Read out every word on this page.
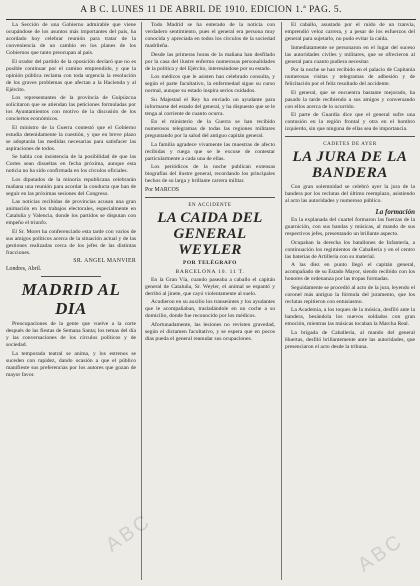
A B C. LUNES 11 DE ABRIL DE 1910. EDICION 1.ª PAG. 5.

La Sección de una Gobierno admirable que viene ocupándose de los asuntos más importantes del país, ha acordado hoy celebrar reunión para tratar de la conveniencia de un cambio en los planes de los Gobiernos que tanto preocupan al país.

El orador del partido de la oposición declaró que no es posible continuar por el camino emprendido, y que la opinión pública reclama con toda urgencia la resolución de los graves problemas que afectan a la Hacienda y al Ejército.

Los representantes de la provincia de Guipúzcoa solicitaron que se atiendan las peticiones formuladas por los Ayuntamientos con motivo de la discusión de los conciertos económicos.

El ministro de la Guerra contestó que el Gobierno estudia detenidamente la cuestión, y que en breve plazo se adoptarán las medidas necesarias para satisfacer las aspiraciones de todos.

Se habla con insistencia de la posibilidad de que las Cortes sean disueltas en fecha próxima, aunque esta noticia no ha sido confirmada en los círculos oficiales.

Los diputados de la minoría republicana celebrarán mañana una reunión para acordar la conducta que han de seguir en las próximas sesiones del Congreso.

Las noticias recibidas de provincias acusan una gran animación en los trabajos electorales, especialmente en Cataluña y Valencia, donde los partidos se disputan con empeño el triunfo.

El Sr. Moret ha conferenciado esta tarde con varios de sus amigos políticos acerca de la situación actual y de las gestiones realizadas cerca de los jefes de las distintas fracciones.

SR. ANGEL MANVIER
Londres, Abril.
MADRID AL DIA

Preocupaciones de la gente que vuelve a la corte después de las fiestas de Semana Santa; los temas del día y las conversaciones de los círculos políticos y de sociedad.

La temporada teatral se anima, y los estrenos se suceden con rapidez, dando ocasión a que el público manifieste sus preferencias por los autores que gozan de mayor favor.

Todo Madrid se ha enterado de la noticia con verdadero sentimiento, pues el general era persona muy conocida y apreciada en todos los círculos de la sociedad madrileña.

Desde las primeras horas de la mañana han desfilado por la casa del ilustre enfermo numerosas personalidades de la política y del Ejército, interesándose por su estado.

Los médicos que le asisten han celebrado consulta, y según el parte facultativo, la enfermedad sigue su curso normal, aunque su estado inspira serios cuidados.

Su Majestad el Rey ha enviado un ayudante para informarse del estado del general, y ha dispuesto que se le tenga al corriente de cuanto ocurra.

En el ministerio de la Guerra se han recibido numerosos telegramas de todas las regiones militares preguntando por la salud del antiguo capitán general.

La familia agradece vivamente las muestras de afecto recibidas y ruega que se le excuse de contestar particularmente a cada una de ellas.

Los periódicos de la noche publican extensas biografías del ilustre general, recordando los principales hechos de su larga y brillante carrera militar.

Por MARCOS
EN ACCIDENTE
LA CAIDA DEL GENERAL WEYLER
POR TELÉGRAFO
BARCELONA 10. 11 T.

En la Gran Vía, cuando paseaba a caballo el capitán general de Cataluña, Sr. Weyler, el animal se espantó y derribó al jinete, que cayó violentamente al suelo.

Acudieron en su auxilio los transeúntes y los ayudantes que le acompañaban, trasladándole en un coche a su domicilio, donde fue reconocido por los médicos.

Afortunadamente, las lesiones no revisten gravedad, según el dictamen facultativo, y se espera que en pocos días pueda el general reanudar sus ocupaciones.

El caballo, asustado por el ruido de un tranvía, emprendió veloz carrera, y a pesar de los esfuerzos del general para sujetarlo, no pudo evitar la caída.

Inmediatamente se personaron en el lugar del suceso las autoridades civiles y militares, que se ofrecieron al general para cuanto pudiera necesitar.

Por la noche se han recibido en el palacio de Capitanía numerosas visitas y telegramas de adhesión y de felicitación por el feliz resultado del accidente.

El general, que se encuentra bastante mejorado, ha pasado la tarde recibiendo a sus amigos y conversando con ellos acerca de lo ocurrido.

El parte de Guardia dice que el general sufre una contusión en la región frontal y otra en el hombro izquierdo, sin que ninguna de ellas sea de importancia.

CADETES DE AYER
LA JURA DE LA BANDERA

Con gran solemnidad se celebró ayer la jura de la bandera por los reclutas del último reemplazo, asistiendo al acto las autoridades y numeroso público.

La formación

En la explanada del cuartel formaron las fuerzas de la guarnición, con sus bandas y músicas, al mando de sus respectivos jefes, presentando un brillante aspecto.

Ocupaban la derecha los batallones de Infantería, a continuación los regimientos de Caballería y en el centro las baterías de Artillería con su material.

A las diez en punto llegó el capitán general, acompañado de su Estado Mayor, siendo recibido con los honores de ordenanza por las tropas formadas.

Seguidamente se procedió al acto de la jura, leyendo el coronel más antiguo la fórmula del juramento, que los reclutas repitieron con entusiasmo.

La Academia, a los toques de la música, desfiló ante la bandera, besándola los nuevos soldados con gran emoción, mientras las músicas tocaban la Marcha Real.

La brigada de Caballería, al mando del general Huertas, desfiló brillantemente ante las autoridades, que presenciaron el acto desde la tribuna.

ABC	ABC
